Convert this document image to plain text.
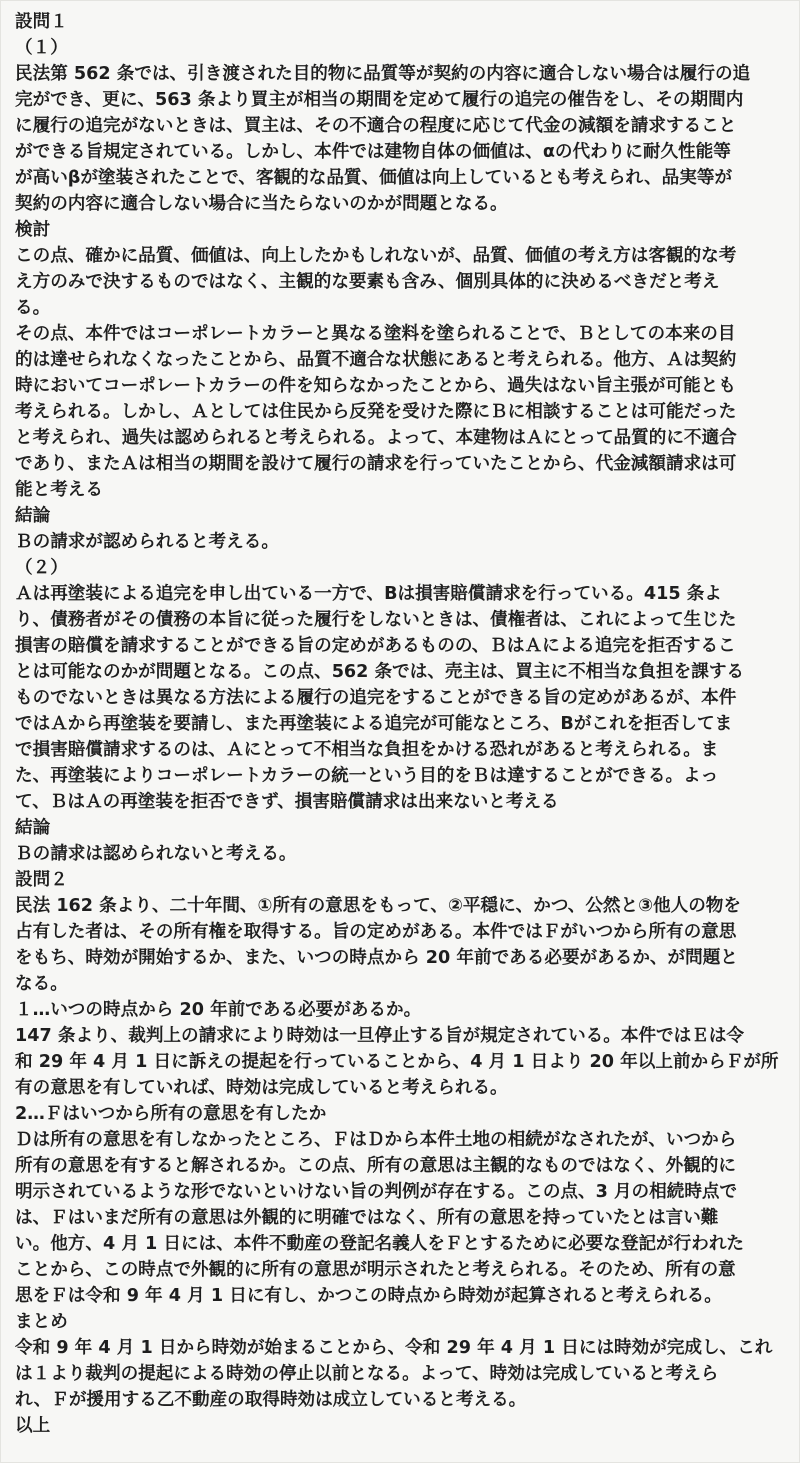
設問１
（１）
民法第 562 条では、引き渡された目的物に品質等が契約の内容に適合しない場合は履行の追
完ができ、更に、563 条より買主が相当の期間を定めて履行の追完の催告をし、その期間内
に履行の追完がないときは、買主は、その不適合の程度に応じて代金の減額を請求すること
ができる旨規定されている。しかし、本件では建物自体の価値は、αの代わりに耐久性能等
が高いβが塗装されたことで、客観的な品質、価値は向上しているとも考えられ、品実等が
契約の内容に適合しない場合に当たらないのかが問題となる。
検討
この点、確かに品質、価値は、向上したかもしれないが、品質、価値の考え方は客観的な考
え方のみで決するものではなく、主観的な要素も含み、個別具体的に決めるべきだと考え
る。
その点、本件ではコーポレートカラーと異なる塗料を塗られることで、Ｂとしての本来の目
的は達せられなくなったことから、品質不適合な状態にあると考えられる。他方、Ａは契約
時においてコーポレートカラーの件を知らなかったことから、過失はない旨主張が可能とも
考えられる。しかし、Ａとしては住民から反発を受けた際にＢに相談することは可能だった
と考えられ、過失は認められると考えられる。よって、本建物はＡにとって品質的に不適合
であり、またＡは相当の期間を設けて履行の請求を行っていたことから、代金減額請求は可
能と考える
結論
Ｂの請求が認められると考える。
（２）
Ａは再塗装による追完を申し出ている一方で、Bは損害賠償請求を行っている。415 条よ
り、債務者がその債務の本旨に従った履行をしないときは、債権者は、これによって生じた
損害の賠償を請求することができる旨の定めがあるものの、ＢはＡによる追完を拒否するこ
とは可能なのかが問題となる。この点、562 条では、売主は、買主に不相当な負担を課する
ものでないときは異なる方法による履行の追完をすることができる旨の定めがあるが、本件
ではＡから再塗装を要請し、また再塗装による追完が可能なところ、Bがこれを拒否してま
で損害賠償請求するのは、Ａにとって不相当な負担をかける恐れがあると考えられる。ま
た、再塗装によりコーポレートカラーの統一という目的をＢは達することができる。よっ
て、ＢはＡの再塗装を拒否できず、損害賠償請求は出来ないと考える
結論
Ｂの請求は認められないと考える。
設問２
民法 162 条より、二十年間、①所有の意思をもって、②平穏に、かつ、公然と③他人の物を
占有した者は、その所有権を取得する。旨の定めがある。本件ではＦがいつから所有の意思
をもち、時効が開始するか、また、いつの時点から 20 年前である必要があるか、が問題と
なる。
１…いつの時点から 20 年前である必要があるか。
147 条より、裁判上の請求により時効は一旦停止する旨が規定されている。本件ではＥは令
和 29 年 4 月 1 日に訴えの提起を行っていることから、4 月 1 日より 20 年以上前からＦが所
有の意思を有していれば、時効は完成していると考えられる。
2…Ｆはいつから所有の意思を有したか
Ｄは所有の意思を有しなかったところ、ＦはＤから本件土地の相続がなされたが、いつから
所有の意思を有すると解されるか。この点、所有の意思は主観的なものではなく、外観的に
明示されているような形でないといけない旨の判例が存在する。この点、3 月の相続時点で
は、Ｆはいまだ所有の意思は外観的に明確ではなく、所有の意思を持っていたとは言い難
い。他方、4 月 1 日には、本件不動産の登記名義人をＦとするために必要な登記が行われた
ことから、この時点で外観的に所有の意思が明示されたと考えられる。そのため、所有の意
思をＦは令和 9 年 4 月 1 日に有し、かつこの時点から時効が起算されると考えられる。
まとめ
令和 9 年 4 月 1 日から時効が始まることから、令和 29 年 4 月 1 日には時効が完成し、これ
は１より裁判の提起による時効の停止以前となる。よって、時効は完成していると考えら
れ、Ｆが援用する乙不動産の取得時効は成立していると考える。
以上
